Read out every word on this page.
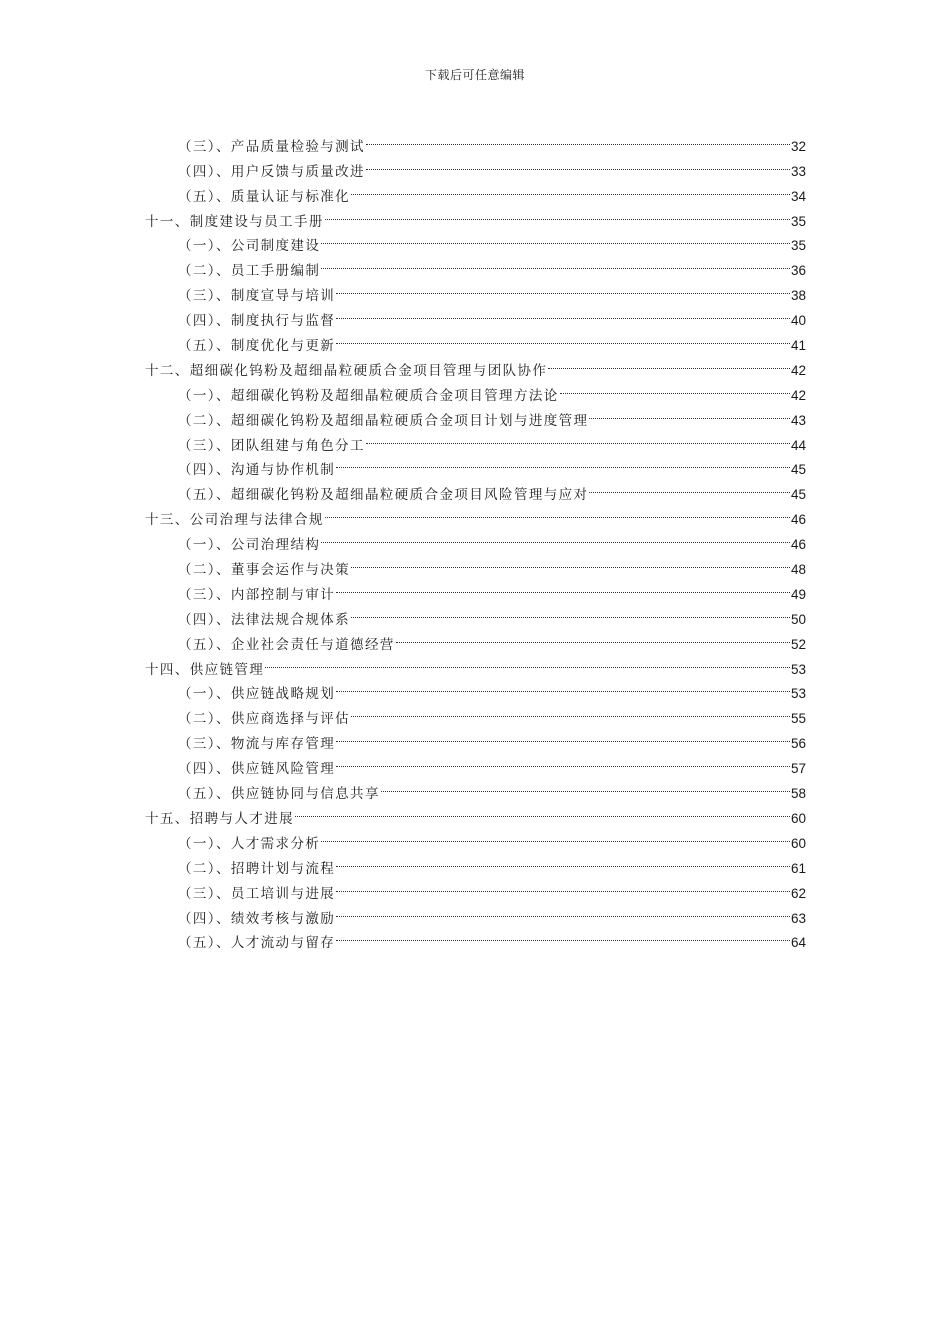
下载后可任意编辑
（三）、产品质量检验与测试	32
（四）、用户反馈与质量改进	33
（五）、质量认证与标准化	34
十一、制度建设与员工手册	35
（一）、公司制度建设	35
（二）、员工手册编制	36
（三）、制度宣导与培训	38
（四）、制度执行与监督	40
（五）、制度优化与更新	41
十二、超细碳化钨粉及超细晶粒硬质合金项目管理与团队协作	42
（一）、超细碳化钨粉及超细晶粒硬质合金项目管理方法论	42
（二）、超细碳化钨粉及超细晶粒硬质合金项目计划与进度管理	43
（三）、团队组建与角色分工	44
（四）、沟通与协作机制	45
（五）、超细碳化钨粉及超细晶粒硬质合金项目风险管理与应对	45
十三、公司治理与法律合规	46
（一）、公司治理结构	46
（二）、董事会运作与决策	48
（三）、内部控制与审计	49
（四）、法律法规合规体系	50
（五）、企业社会责任与道德经营	52
十四、供应链管理	53
（一）、供应链战略规划	53
（二）、供应商选择与评估	55
（三）、物流与库存管理	56
（四）、供应链风险管理	57
（五）、供应链协同与信息共享	58
十五、招聘与人才进展	60
（一）、人才需求分析	60
（二）、招聘计划与流程	61
（三）、员工培训与进展	62
（四）、绩效考核与激励	63
（五）、人才流动与留存	64
